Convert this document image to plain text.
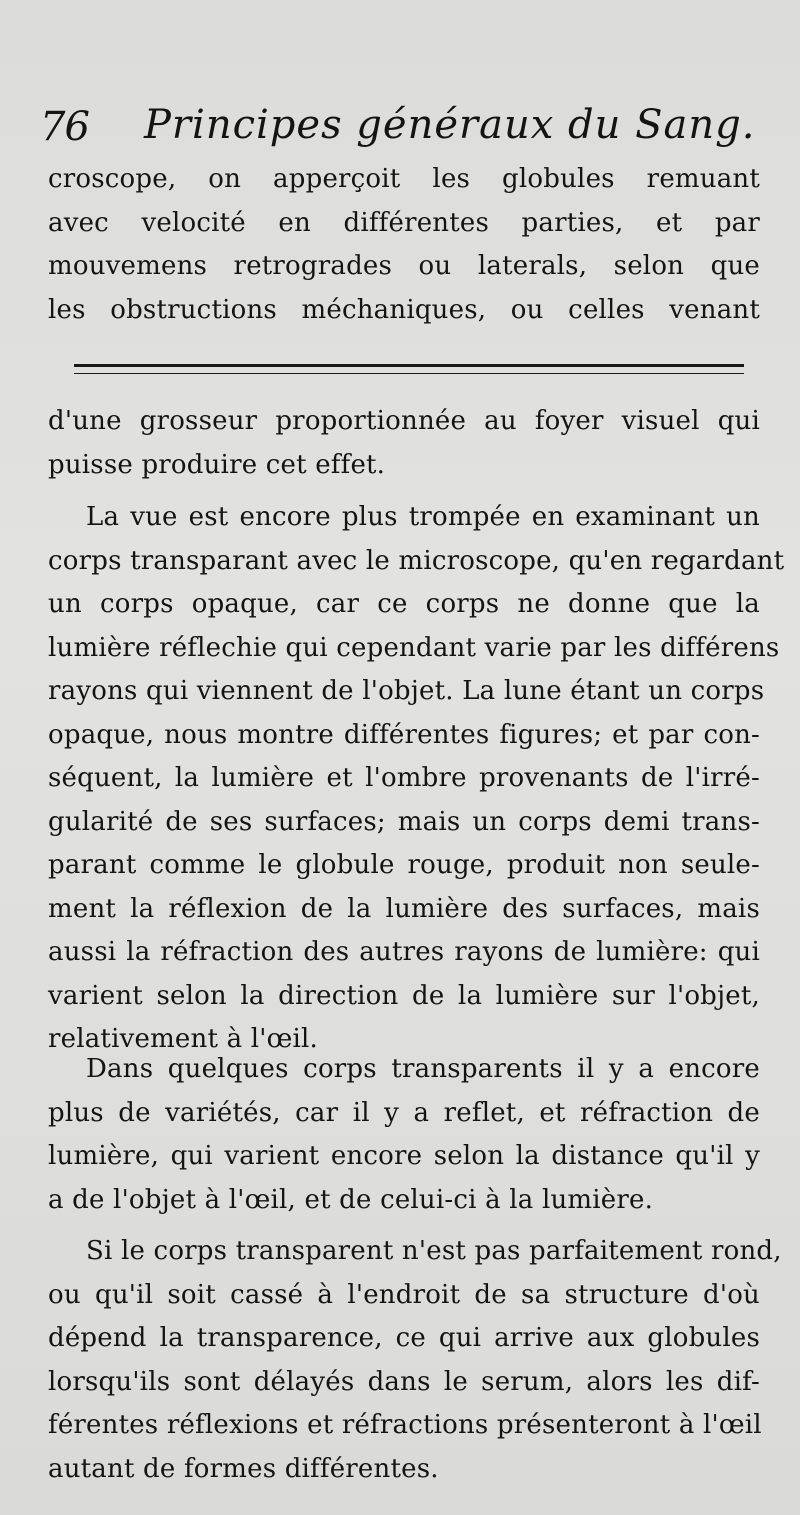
76 Principes généraux du Sang.
croscope, on apperçoit les globules remuant
avec velocité en différentes parties, et par
mouvemens retrogrades ou laterals, selon que
les obstructions méchaniques, ou celles venant
d'une grosseur proportionnée au foyer visuel qui
puisse produire cet effet.
La vue est encore plus trompée en examinant un
corps transparant avec le microscope, qu'en regardant
un corps opaque, car ce corps ne donne que la
lumière réflechie qui cependant varie par les différens
rayons qui viennent de l'objet. La lune étant un corps
opaque, nous montre différentes figures; et par con-
séquent, la lumière et l'ombre provenants de l'irré-
gularité de ses surfaces; mais un corps demi trans-
parant comme le globule rouge, produit non seule-
ment la réflexion de la lumière des surfaces, mais
aussi la réfraction des autres rayons de lumière: qui
varient selon la direction de la lumière sur l'objet,
relativement à l'œil.
Dans quelques corps transparents il y a encore
plus de variétés, car il y a reflet, et réfraction de
lumière, qui varient encore selon la distance qu'il y
a de l'objet à l'œil, et de celui-ci à la lumière.
Si le corps transparent n'est pas parfaitement rond,
ou qu'il soit cassé à l'endroit de sa structure d'où
dépend la transparence, ce qui arrive aux globules
lorsqu'ils sont délayés dans le serum, alors les dif-
férentes réflexions et réfractions présenteront à l'œil
autant de formes différentes.
